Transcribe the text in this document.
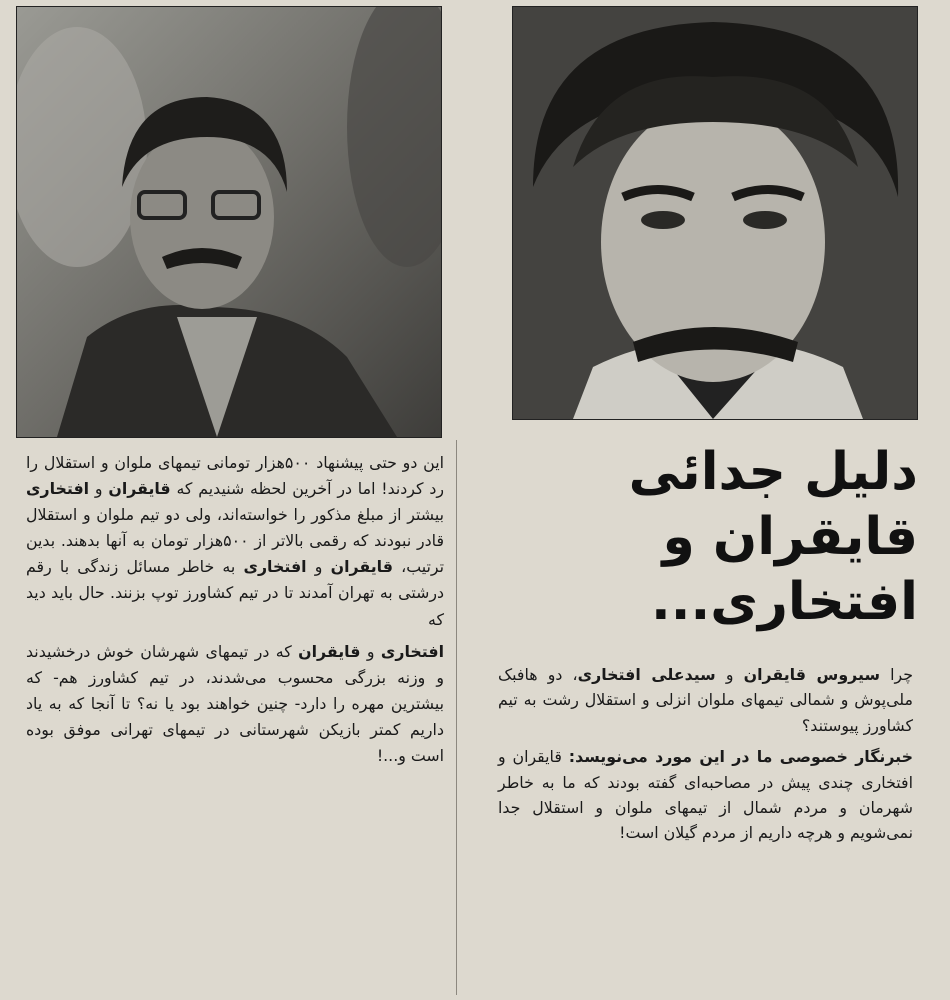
دلیل جدائی
قایقران و
افتخاری...

این دو حتی پیشنهاد ۵۰۰هزار تومانی تیمهای ملوان و استقلال را رد کردند! اما در آخرین لحظه شنیدیم که قایقران و افتخاری بیشتر از مبلغ مذکور را خواسته‌اند، ولی دو تیم ملوان و استقلال قادر نبودند که رقمی بالاتر از ۵۰۰هزار تومان به آنها بدهند. بدین ترتیب، قایقران و افتخاری به خاطر مسائل زندگی با رقم درشتی به تهران آمدند تا در تیم کشاورز توپ بزنند. حال باید دید که

افتخاری و قایقران که در تیمهای شهرشان خوش درخشیدند و وزنه بزرگی محسوب می‌شدند، در تیم کشاورز هم- که بیشترین مهره را دارد- چنین خواهند بود یا نه؟ تا آنجا که به یاد داریم کمتر بازیکن شهرستانی در تیمهای تهرانی موفق بوده است و...!

چرا سیروس قایقران و سیدعلی افتخاری، دو هافبک ملی‌پوش و شمالی تیمهای ملوان انزلی و استقلال رشت به تیم کشاورز پیوستند؟

خبرنگار خصوصی ما در این مورد می‌نویسد: قایقران و افتخاری چندی پیش در مصاحبه‌ای گفته بودند که ما به خاطر شهرمان و مردم شمال از تیمهای ملوان و استقلال جدا نمی‌شویم و هرچه داریم از مردم گیلان است!
